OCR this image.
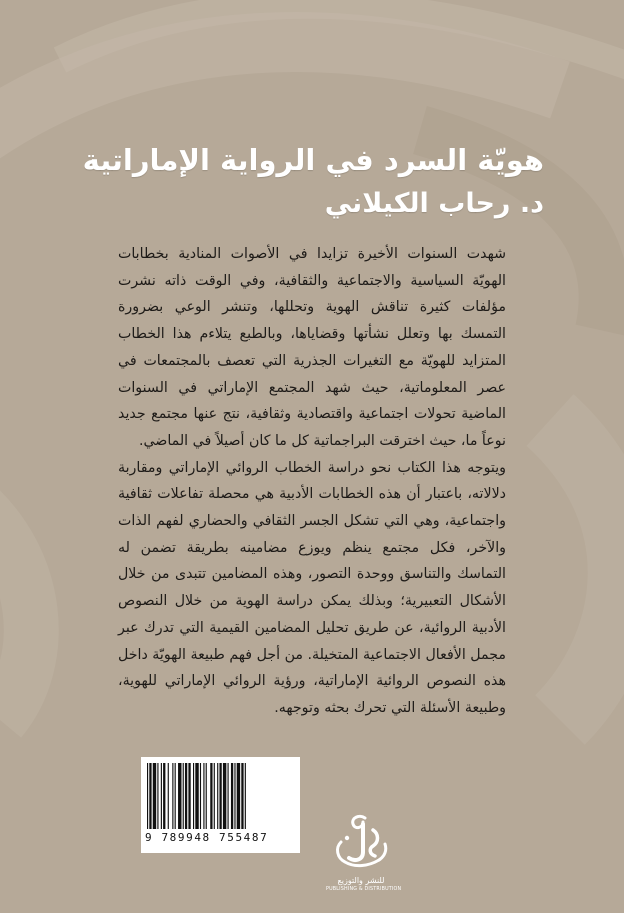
هويّة السرد في الرواية الإماراتية
د. رحاب الكيلاني

شهدت السنوات الأخيرة تزايدا في الأصوات المنادية بخطابات الهويّة السياسية والاجتماعية والثقافية، وفي الوقت ذاته نشرت مؤلفات كثيرة تناقش الهوية وتحللها، وتنشر الوعي بضرورة التمسك بها وتعلل نشأتها وقضاياها، وبالطبع يتلاءم هذا الخطاب المتزايد للهويّة مع التغيرات الجذرية التي تعصف بالمجتمعات في عصر المعلوماتية، حيث شهد المجتمع الإماراتي في السنوات الماضية تحولات اجتماعية واقتصادية وثقافية، نتج عنها مجتمع جديد نوعاً ما، حيث اخترقت البراجماتية كل ما كان أصيلاً في الماضي.

ويتوجه هذا الكتاب نحو دراسة الخطاب الروائي الإماراتي ومقاربة دلالاته، باعتبار أن هذه الخطابات الأدبية هي محصلة تفاعلات ثقافية واجتماعية، وهي التي تشكل الجسر الثقافي والحضاري لفهم الذات والآخر، فكل مجتمع ينظم ويوزع مضامينه بطريقة تضمن له التماسك والتناسق ووحدة التصور، وهذه المضامين تتبدى من خلال الأشكال التعبيرية؛ وبذلك يمكن دراسة الهوية من خلال النصوص الأدبية الروائية، عن طريق تحليل المضامين القيمية التي تدرك عبر مجمل الأفعال الاجتماعية المتخيلة. من أجل فهم طبيعة الهويّة داخل هذه النصوص الروائية الإماراتية، ورؤية الروائي الإماراتي للهوية، وطبيعة الأسئلة التي تحرك بحثه وتوجهه.

9 789948 755487
للنشر والتوزيع
PUBLISHING & DISTRIBUTION
